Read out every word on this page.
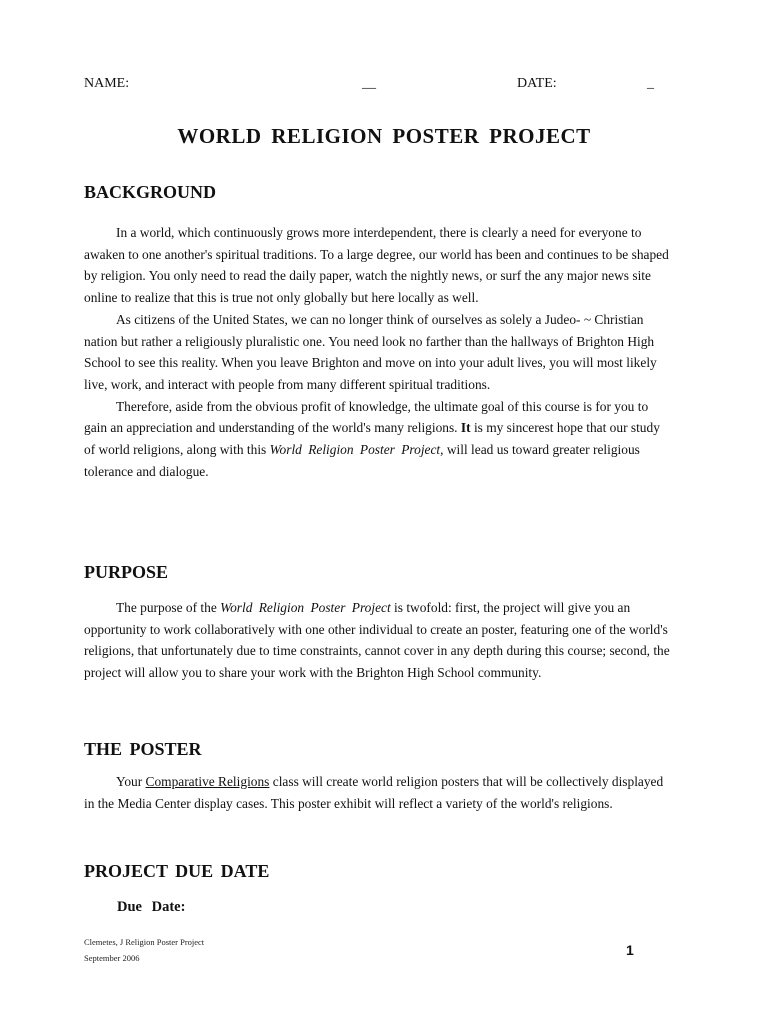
NAME:	__	DATE:	_
WORLD RELIGION POSTER PROJECT
BACKGROUND

In a world, which continuously grows more interdependent, there is clearly a need for everyone to awaken to one another's spiritual traditions. To a large degree, our world has been and continues to be shaped by religion. You only need to read the daily paper, watch the nightly news, or surf the any major news site online to realize that this is true not only globally but here locally as well.

As citizens of the United States, we can no longer think of ourselves as solely a Judeo- ~ Christian nation but rather a religiously pluralistic one. You need look no farther than the hallways of Brighton High School to see this reality. When you leave Brighton and move on into your adult lives, you will most likely live, work, and interact with people from many different spiritual traditions.

Therefore, aside from the obvious profit of knowledge, the ultimate goal of this course is for you to gain an appreciation and understanding of the world's many religions. It is my sincerest hope that our study of world religions, along with this World Religion Poster Project, will lead us toward greater religious tolerance and dialogue.

PURPOSE

The purpose of the World Religion Poster Project is twofold: first, the project will give you an opportunity to work collaboratively with one other individual to create an poster, featuring one of the world's religions, that unfortunately due to time constraints, cannot cover in any depth during this course; second, the project will allow you to share your work with the Brighton High School community.

THE POSTER

Your Comparative Religions class will create world religion posters that will be collectively displayed in the Media Center display cases. This poster exhibit will reflect a variety of the world's religions.

PROJECT DUE DATE
Due Date:
Clemetes, J Religion Poster Project
September 2006	1
